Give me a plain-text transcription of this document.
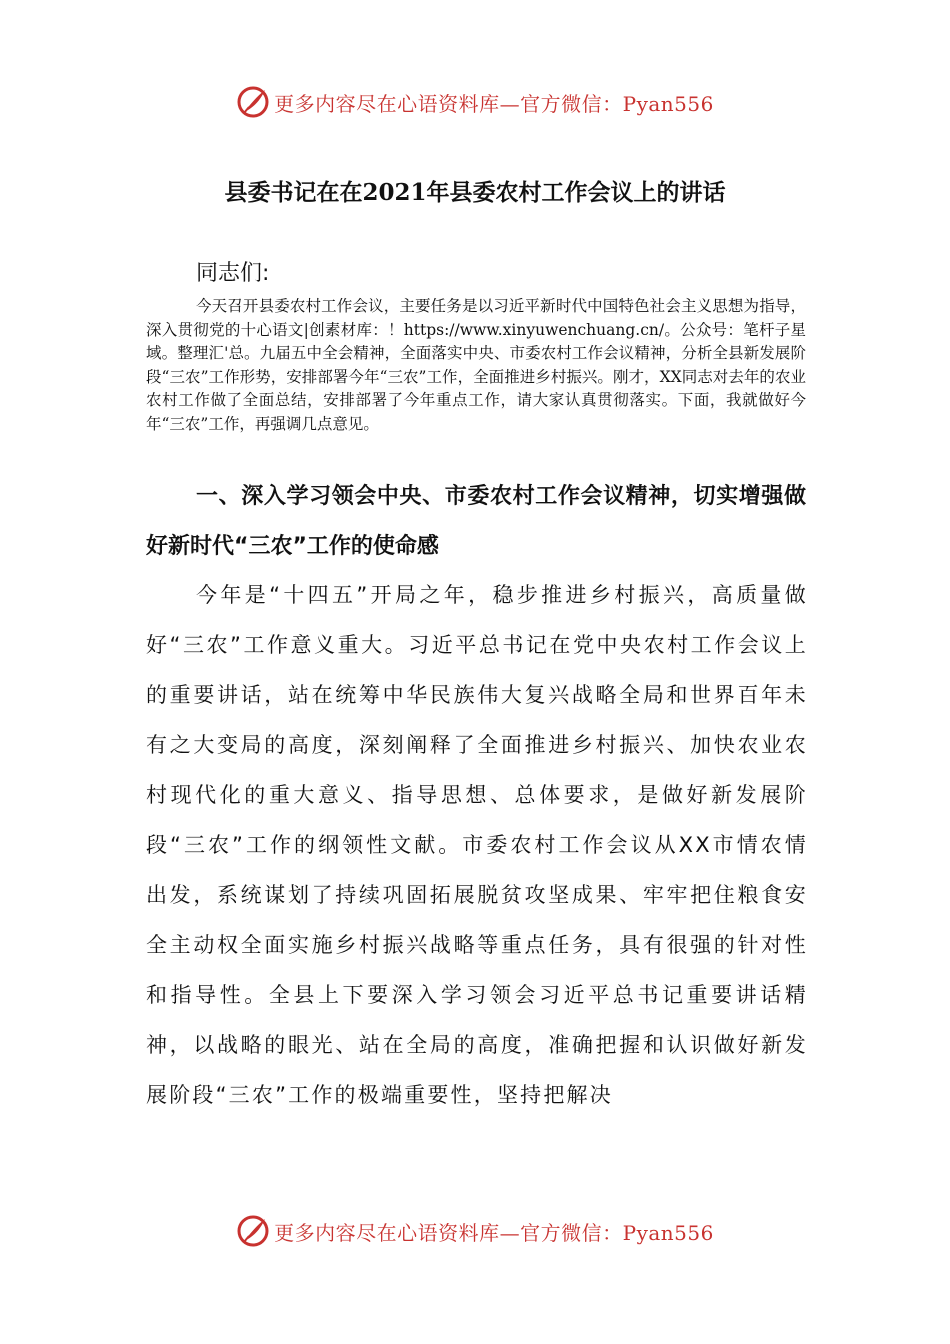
更多内容尽在心语资料库—官方微信：Pyan556
县委书记在在2021年县委农村工作会议上的讲话

同志们:

今天召开县委农村工作会议，主要任务是以习近平新时代中国特色社会主义思想为指导，深入贯彻党的十心语文|创素材库：！https://www.xinyuwenchuang.cn/。公众号：笔杆子星域。整理汇'总。九届五中全会精神，全面落实中央、市委农村工作会议精神，分析全县新发展阶段“三农”工作形势，安排部署今年“三农”工作，全面推进乡村振兴。刚才，XX同志对去年的农业农村工作做了全面总结，安排部署了今年重点工作，请大家认真贯彻落实。下面，我就做好今年“三农”工作，再强调几点意见。

一、深入学习领会中央、市委农村工作会议精神，切实增强做好新时代“三农”工作的使命感

今年是“十四五”开局之年，稳步推进乡村振兴，高质量做好“三农”工作意义重大。习近平总书记在党中央农村工作会议上的重要讲话，站在统筹中华民族伟大复兴战略全局和世界百年未有之大变局的高度，深刻阐释了全面推进乡村振兴、加快农业农村现代化的重大意义、指导思想、总体要求，是做好新发展阶段“三农”工作的纲领性文献。市委农村工作会议从XX市情农情出发，系统谋划了持续巩固拓展脱贫攻坚成果、牢牢把住粮食安全主动权全面实施乡村振兴战略等重点任务，具有很强的针对性和指导性。全县上下要深入学习领会习近平总书记重要讲话精神，以战略的眼光、站在全局的高度，准确把握和认识做好新发展阶段“三农”工作的极端重要性，坚持把解决

更多内容尽在心语资料库—官方微信：Pyan556
